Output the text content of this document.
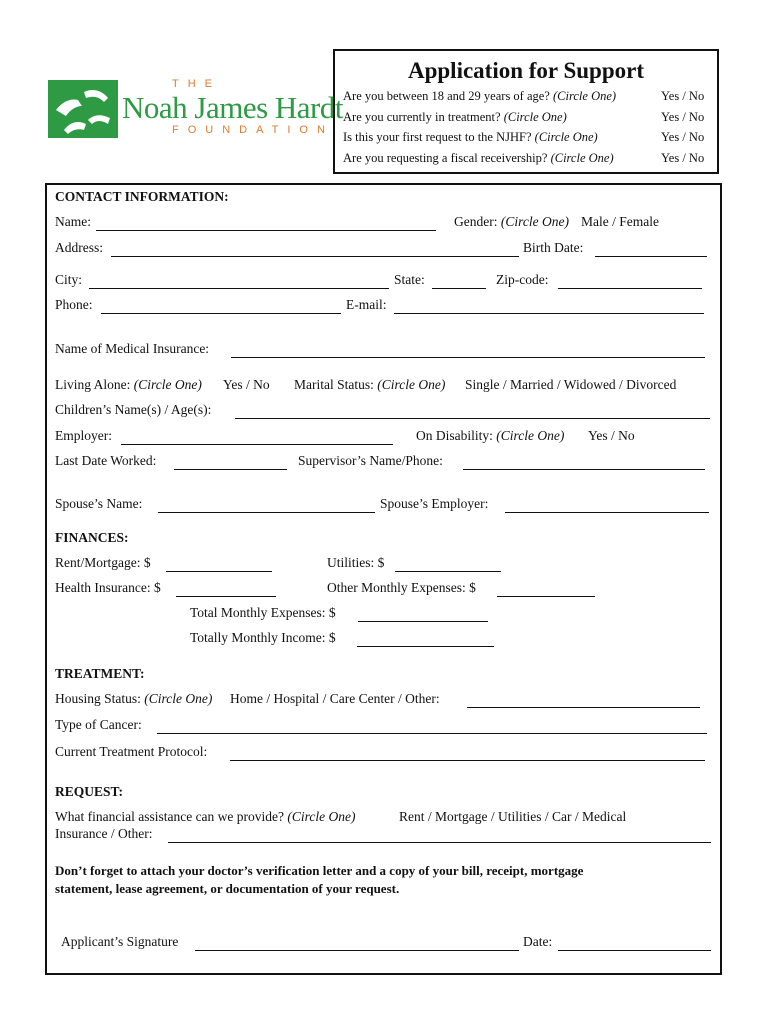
THE
Noah James Hardt
FOUNDATION
Application for Support
Are you between 18 and 29 years of age? (Circle One)	Yes / No
Are you currently in treatment? (Circle One)	Yes / No
Is this your first request to the NJHF? (Circle One)	Yes / No
Are you requesting a fiscal receivership? (Circle One)	Yes / No
CONTACT INFORMATION:
Name:	Gender: (Circle One) Male / Female
Address:	Birth Date:
City:	State:	Zip-code:
Phone:	E-mail:
Name of Medical Insurance:
Living Alone: (Circle One) Yes / No Marital Status: (Circle One) Single / Married / Widowed / Divorced
Children’s Name(s) / Age(s):
Employer:	On Disability: (Circle One) Yes / No
Last Date Worked:	Supervisor’s Name/Phone:
Spouse’s Name:	Spouse’s Employer:
FINANCES:
Rent/Mortgage: $	Utilities: $
Health Insurance: $	Other Monthly Expenses: $
Total Monthly Expenses: $
Totally Monthly Income: $
TREATMENT:
Housing Status: (Circle One) Home / Hospital / Care Center / Other:
Type of Cancer:
Current Treatment Protocol:
REQUEST:
What financial assistance can we provide? (Circle One)	Rent / Mortgage / Utilities / Car / Medical
Insurance / Other:
Don’t forget to attach your doctor’s verification letter and a copy of your bill, receipt, mortgage
statement, lease agreement, or documentation of your request.
Applicant’s Signature	Date:
